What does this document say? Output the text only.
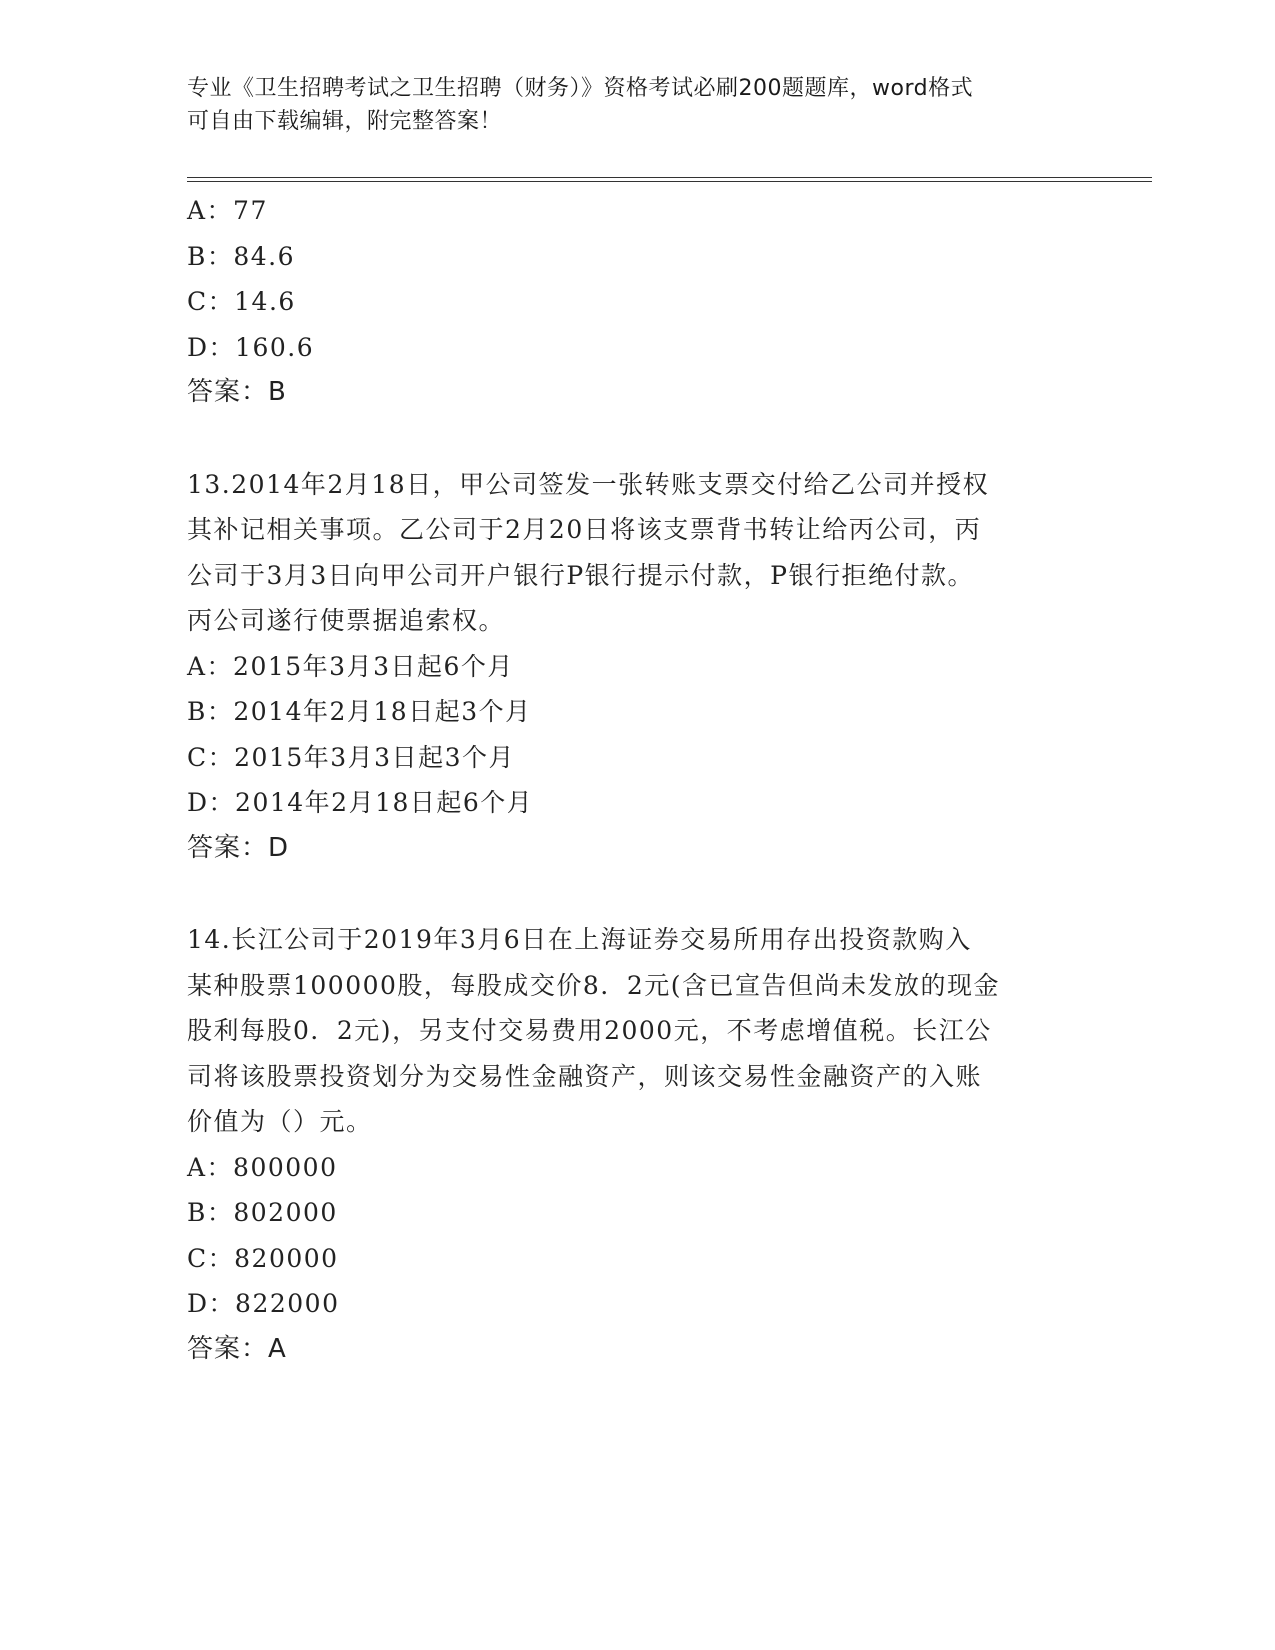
专业《卫生招聘考试之卫生招聘（财务）》资格考试必刷200题题库，word格式
可自由下载编辑，附完整答案！
A：77
B：84.6
C：14.6
D：160.6
答案：B
13.2014年2月18日，甲公司签发一张转账支票交付给乙公司并授权
其补记相关事项。乙公司于2月20日将该支票背书转让给丙公司，丙
公司于3月3日向甲公司开户银行P银行提示付款，P银行拒绝付款。
丙公司遂行使票据追索权。
A：2015年3月3日起6个月
B：2014年2月18日起3个月
C：2015年3月3日起3个月
D：2014年2月18日起6个月
答案：D
14.长江公司于2019年3月6日在上海证券交易所用存出投资款购入
某种股票100000股，每股成交价8．2元(含已宣告但尚未发放的现金
股利每股0．2元)，另支付交易费用2000元，不考虑增值税。长江公
司将该股票投资划分为交易性金融资产，则该交易性金融资产的入账
价值为（）元。
A：800000
B：802000
C：820000
D：822000
答案：A
